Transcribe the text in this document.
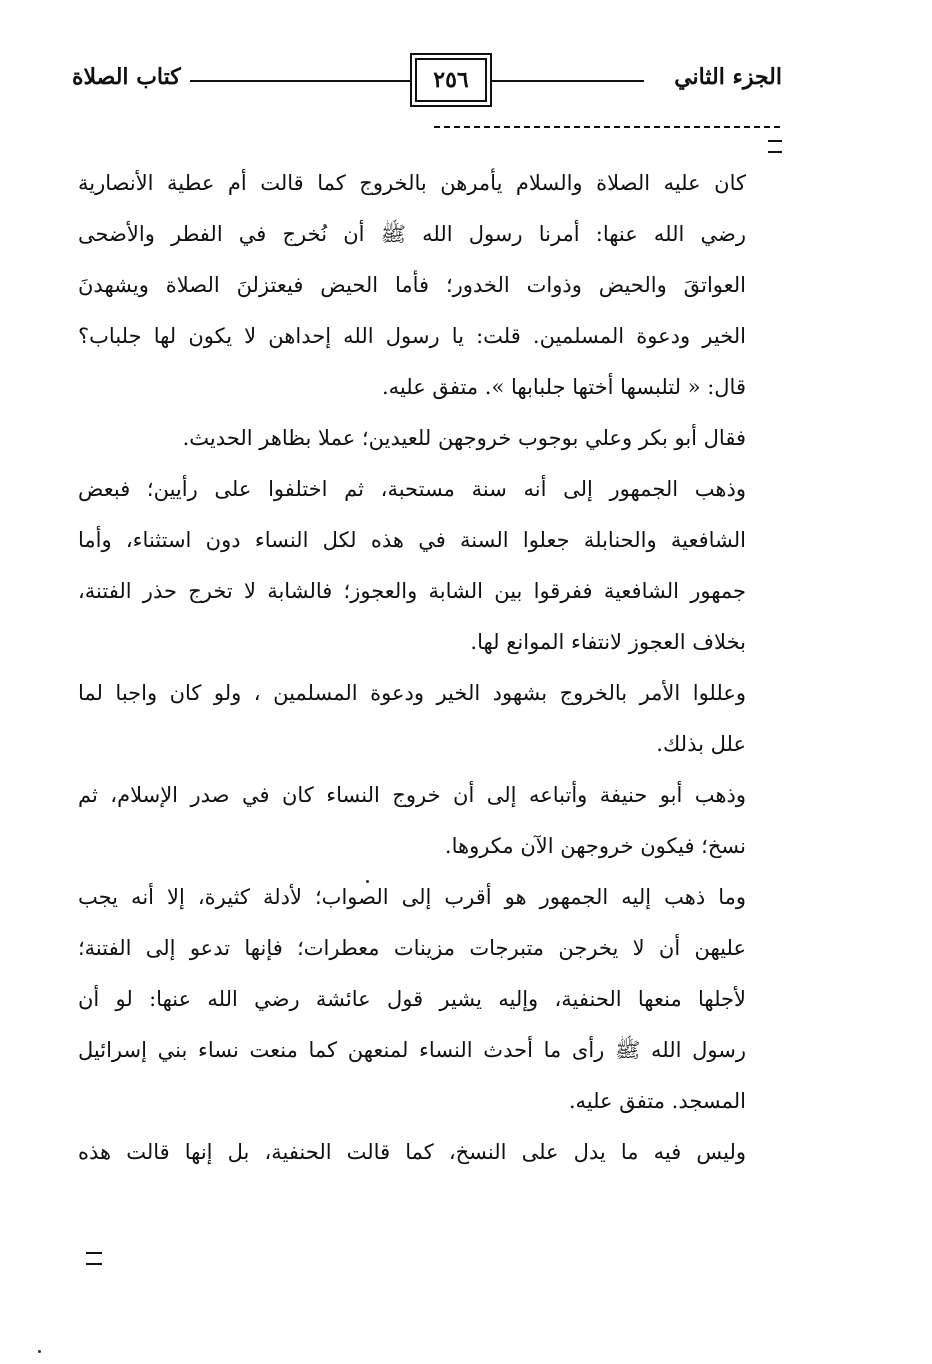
الجزء الثاني
٢٥٦
كتاب الصلاة
كان عليه الصلاة والسلام يأمرهن بالخروج كما قالت أم عطية الأنصارية
رضي الله عنها: أمرنا رسول الله ﷺ أن نُخرج في الفطر والأضحى
العواتقَ والحيض وذوات الخدور؛ فأما الحيض فيعتزلنَ الصلاة ويشهدنَ
الخير ودعوة المسلمين. قلت: يا رسول الله إحداهن لا يكون لها جلباب؟
قال: « لتلبسها أختها جلبابها ». متفق عليه.
فقال أبو بكر وعلي بوجوب خروجهن للعيدين؛ عملا بظاهر الحديث.
وذهب الجمهور إلى أنه سنة مستحبة، ثم اختلفوا على رأيين؛ فبعض
الشافعية والحنابلة جعلوا السنة في هذه لكل النساء دون استثناء، وأما
جمهور الشافعية ففرقوا بين الشابة والعجوز؛ فالشابة لا تخرج حذر الفتنة،
بخلاف العجوز لانتفاء الموانع لها.
وعللوا الأمر بالخروج بشهود الخير ودعوة المسلمين ، ولو كان واجبا لما
علل بذلك.
وذهب أبو حنيفة وأتباعه إلى أن خروج النساء كان في صدر الإسلام، ثم
نسخ؛ فيكون خروجهن الآن مكروها.
وما ذهب إليه الجمهور هو أقرب إلى الصواب؛ لأدلة كثيرة، إلا أنه يجب
عليهن أن لا يخرجن متبرجات مزينات معطرات؛ فإنها تدعو إلى الفتنة؛
لأجلها منعها الحنفية، وإليه يشير قول عائشة رضي الله عنها: لو أن
رسول الله ﷺ رأى ما أحدث النساء لمنعهن كما منعت نساء بني إسرائيل
المسجد. متفق عليه.
وليس فيه ما يدل على النسخ، كما قالت الحنفية، بل إنها قالت هذه
